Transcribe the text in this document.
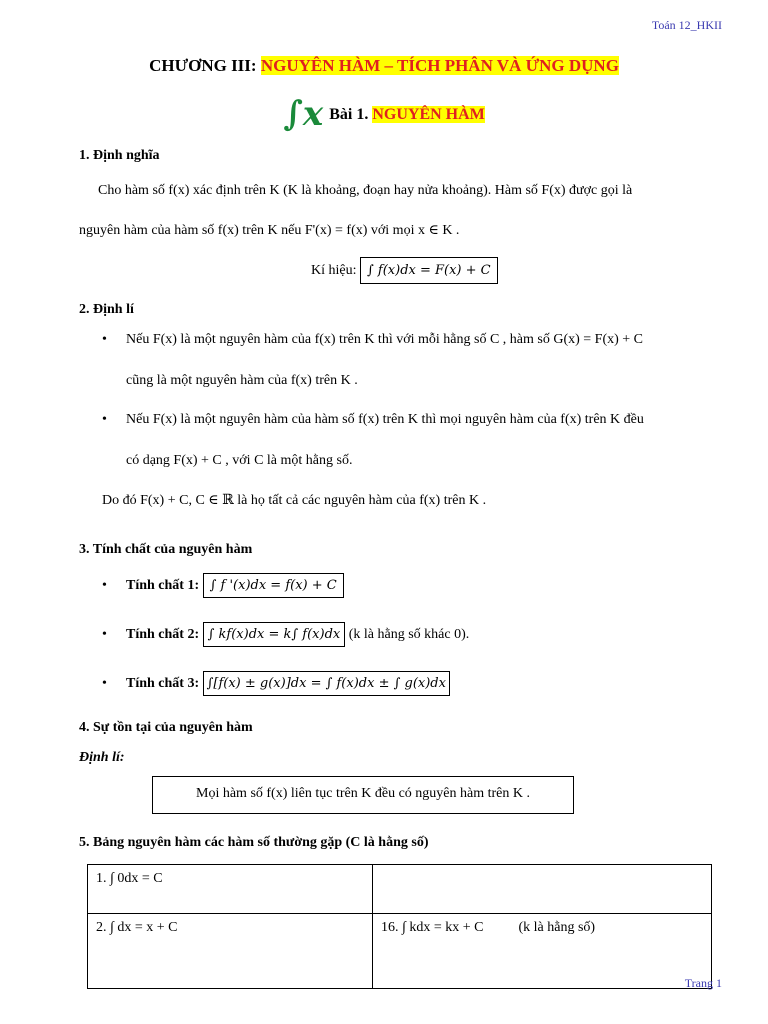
Toán 12_HKII
CHƯƠNG III: NGUYÊN HÀM – TÍCH PHÂN VÀ ỨNG DỤNG
∫x Bài 1. NGUYÊN HÀM
1. Định nghĩa
Cho hàm số f(x) xác định trên K (K là khoảng, đoạn hay nửa khoảng). Hàm số F(x) được gọi là
nguyên hàm của hàm số f(x) trên K nếu F'(x) = f(x) với mọi x ∈ K .
Kí hiệu: ∫ f(x)dx = F(x) + C
2. Định lí
• Nếu F(x) là một nguyên hàm của f(x) trên K thì với mỗi hằng số C , hàm số G(x) = F(x) + C
cũng là một nguyên hàm của f(x) trên K .
• Nếu F(x) là một nguyên hàm của hàm số f(x) trên K thì mọi nguyên hàm của f(x) trên K đều
có dạng F(x) + C , với C là một hằng số.
Do đó F(x) + C, C ∈ ℝ là họ tất cả các nguyên hàm của f(x) trên K .
3. Tính chất của nguyên hàm
• Tính chất 1: ∫ f '(x)dx = f(x) + C
• Tính chất 2: ∫ kf(x)dx = k∫ f(x)dx (k là hằng số khác 0).
• Tính chất 3: ∫[f(x) ± g(x)]dx = ∫ f(x)dx ± ∫ g(x)dx
4. Sự tồn tại của nguyên hàm
Định lí:
Mọi hàm số f(x) liên tục trên K đều có nguyên hàm trên K .
5. Bảng nguyên hàm các hàm số thường gặp (C là hằng số)
1. ∫ 0dx = C	
2. ∫ dx = x + C	16. ∫ kdx = kx + C          (k là hằng số)
Trang 1
